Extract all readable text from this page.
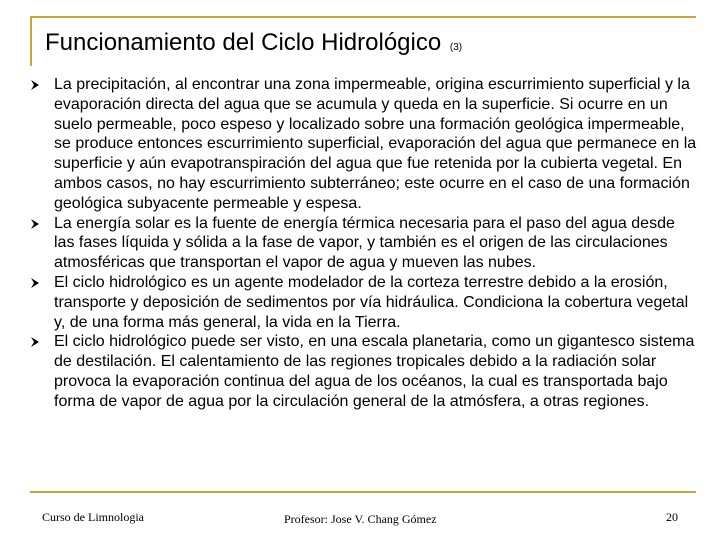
Funcionamiento del Ciclo Hidrológico (3)
La precipitación, al encontrar una zona impermeable, origina escurrimiento superficial y la evaporación directa del agua que se acumula y queda en la superficie. Si ocurre en un suelo permeable, poco espeso y localizado sobre una formación geológica impermeable, se produce entonces escurrimiento superficial, evaporación del agua que permanece en la superficie y aún evapotranspiración del agua que fue retenida por la cubierta vegetal. En ambos casos, no hay escurrimiento subterráneo; este ocurre en el caso de una formación geológica subyacente permeable y espesa.
La energía solar es la fuente de energía térmica necesaria para el paso del agua desde las fases líquida y sólida a la fase de vapor, y también es el origen de las circulaciones atmosféricas que transportan el vapor de agua y mueven las nubes.
El ciclo hidrológico es un agente modelador de la corteza terrestre debido a la erosión, transporte y deposición de sedimentos por vía hidráulica. Condiciona la cobertura vegetal y, de una forma más general, la vida en la Tierra.
El ciclo hidrológico puede ser visto, en una escala planetaria, como un gigantesco sistema de destilación. El calentamiento de las regiones tropicales debido a la radiación solar provoca la evaporación continua del agua de los océanos, la cual es transportada bajo forma de vapor de agua por la circulación general de la atmósfera, a otras regiones.
Curso de Limnologia	Profesor: Jose V. Chang Gómez	20
